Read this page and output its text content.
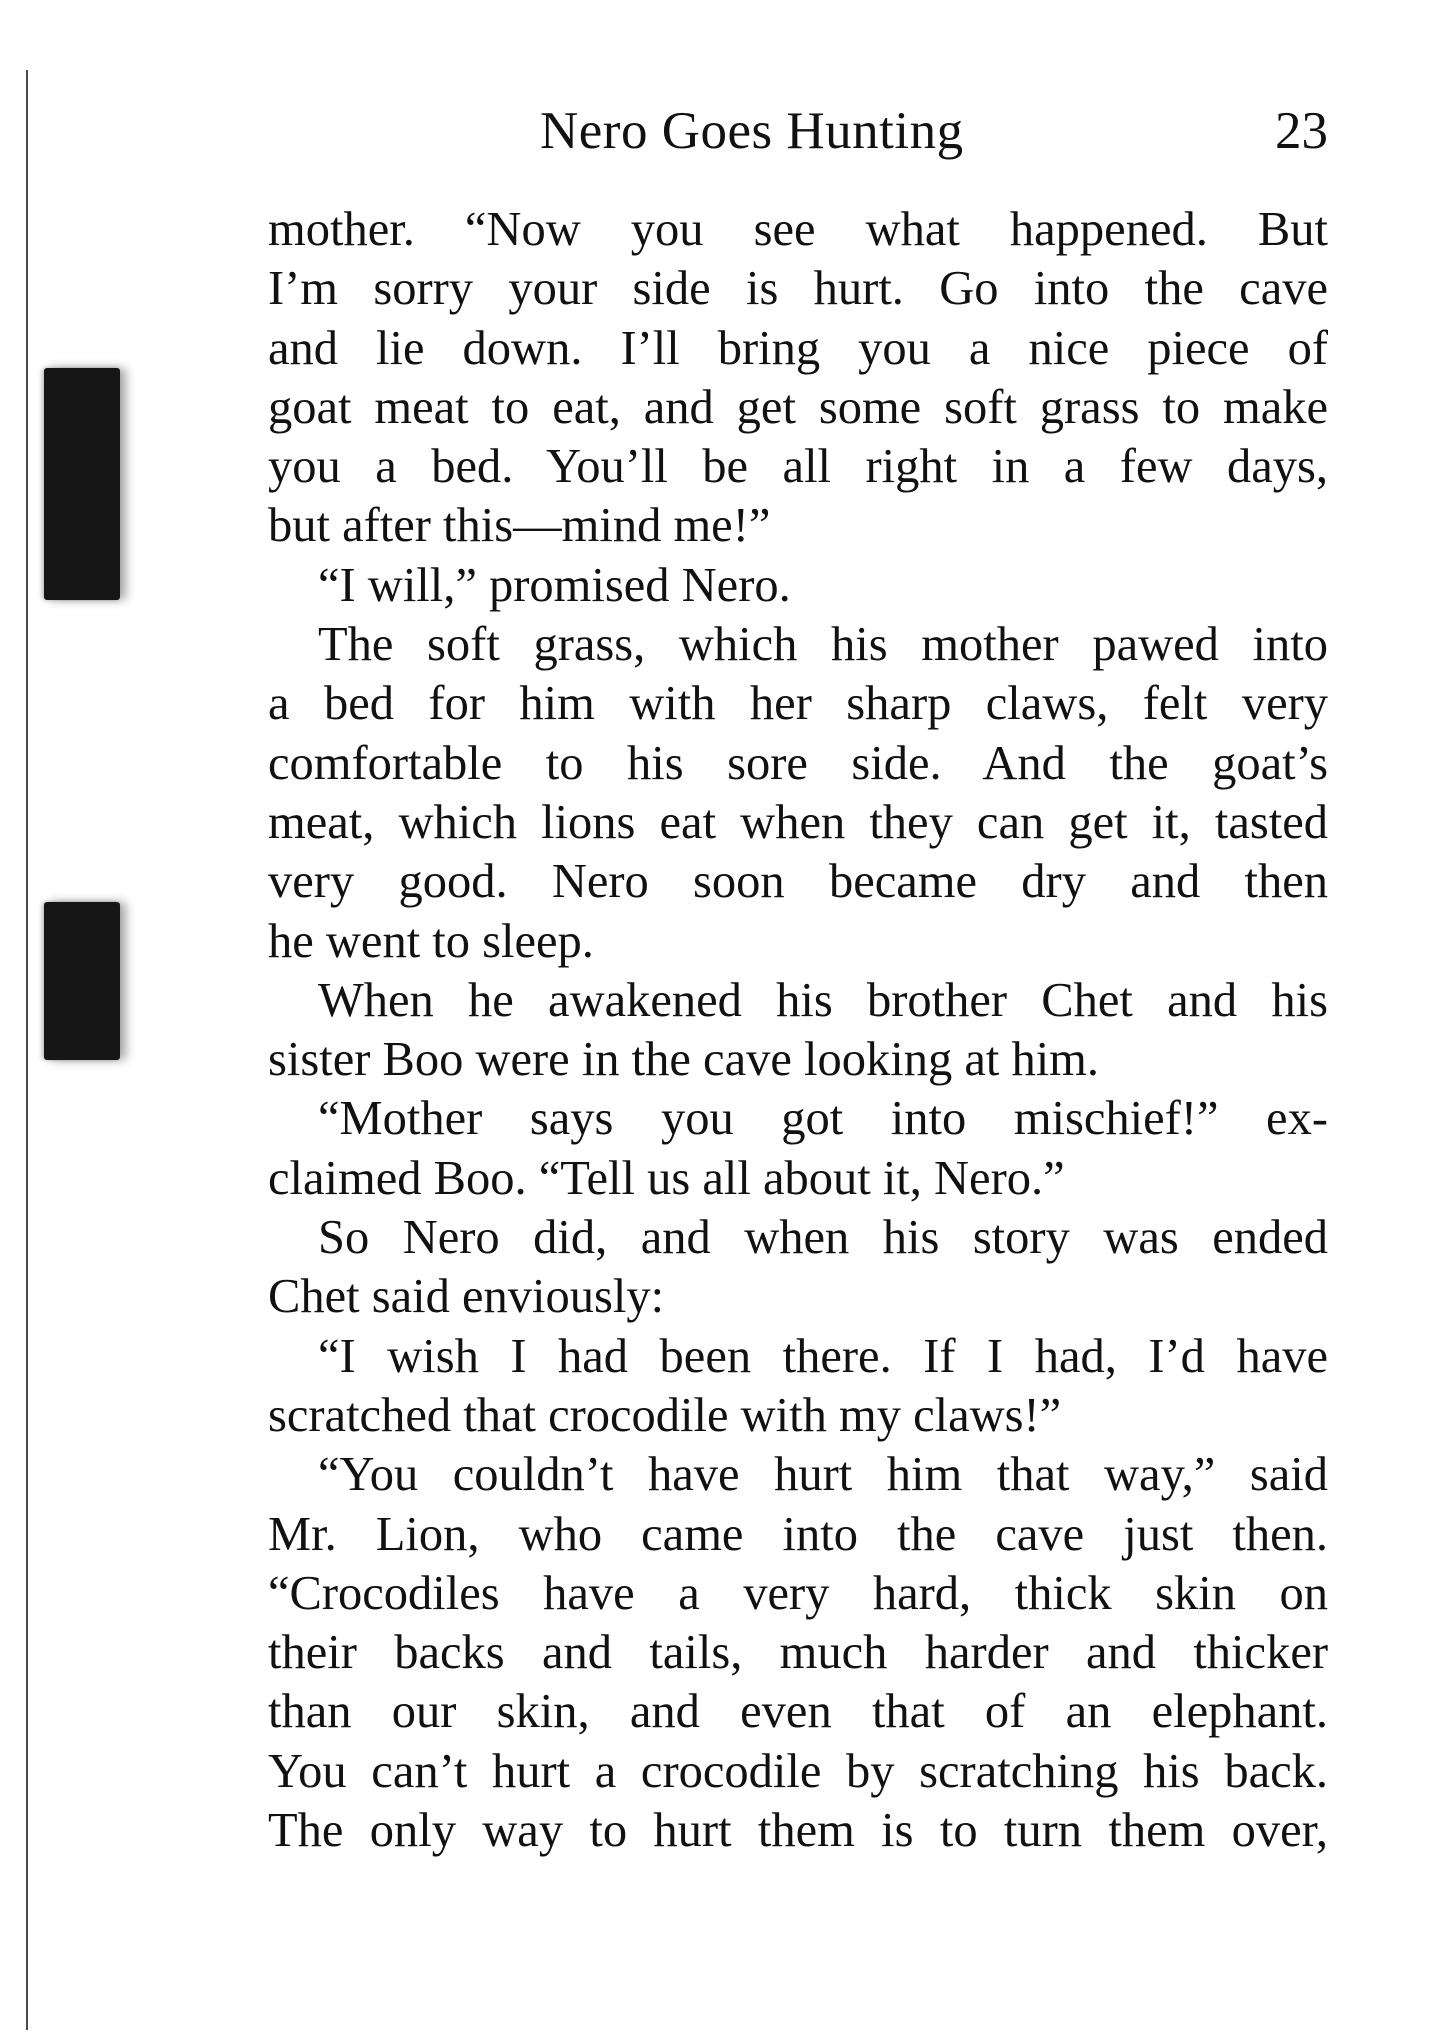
Nero Goes Hunting	23
mother. “Now you see what happened. But
I’m sorry your side is hurt. Go into the cave
and lie down. I’ll bring you a nice piece of
goat meat to eat, and get some soft grass to make
you a bed. You’ll be all right in a few days,
but after this—mind me!”
“I will,” promised Nero.
The soft grass, which his mother pawed into
a bed for him with her sharp claws, felt very
comfortable to his sore side. And the goat’s
meat, which lions eat when they can get it, tasted
very good. Nero soon became dry and then
he went to sleep.
When he awakened his brother Chet and his
sister Boo were in the cave looking at him.
“Mother says you got into mischief!” ex-
claimed Boo. “Tell us all about it, Nero.”
So Nero did, and when his story was ended
Chet said enviously:
“I wish I had been there. If I had, I’d have
scratched that crocodile with my claws!”
“You couldn’t have hurt him that way,” said
Mr. Lion, who came into the cave just then.
“Crocodiles have a very hard, thick skin on
their backs and tails, much harder and thicker
than our skin, and even that of an elephant.
You can’t hurt a crocodile by scratching his back.
The only way to hurt them is to turn them over,
